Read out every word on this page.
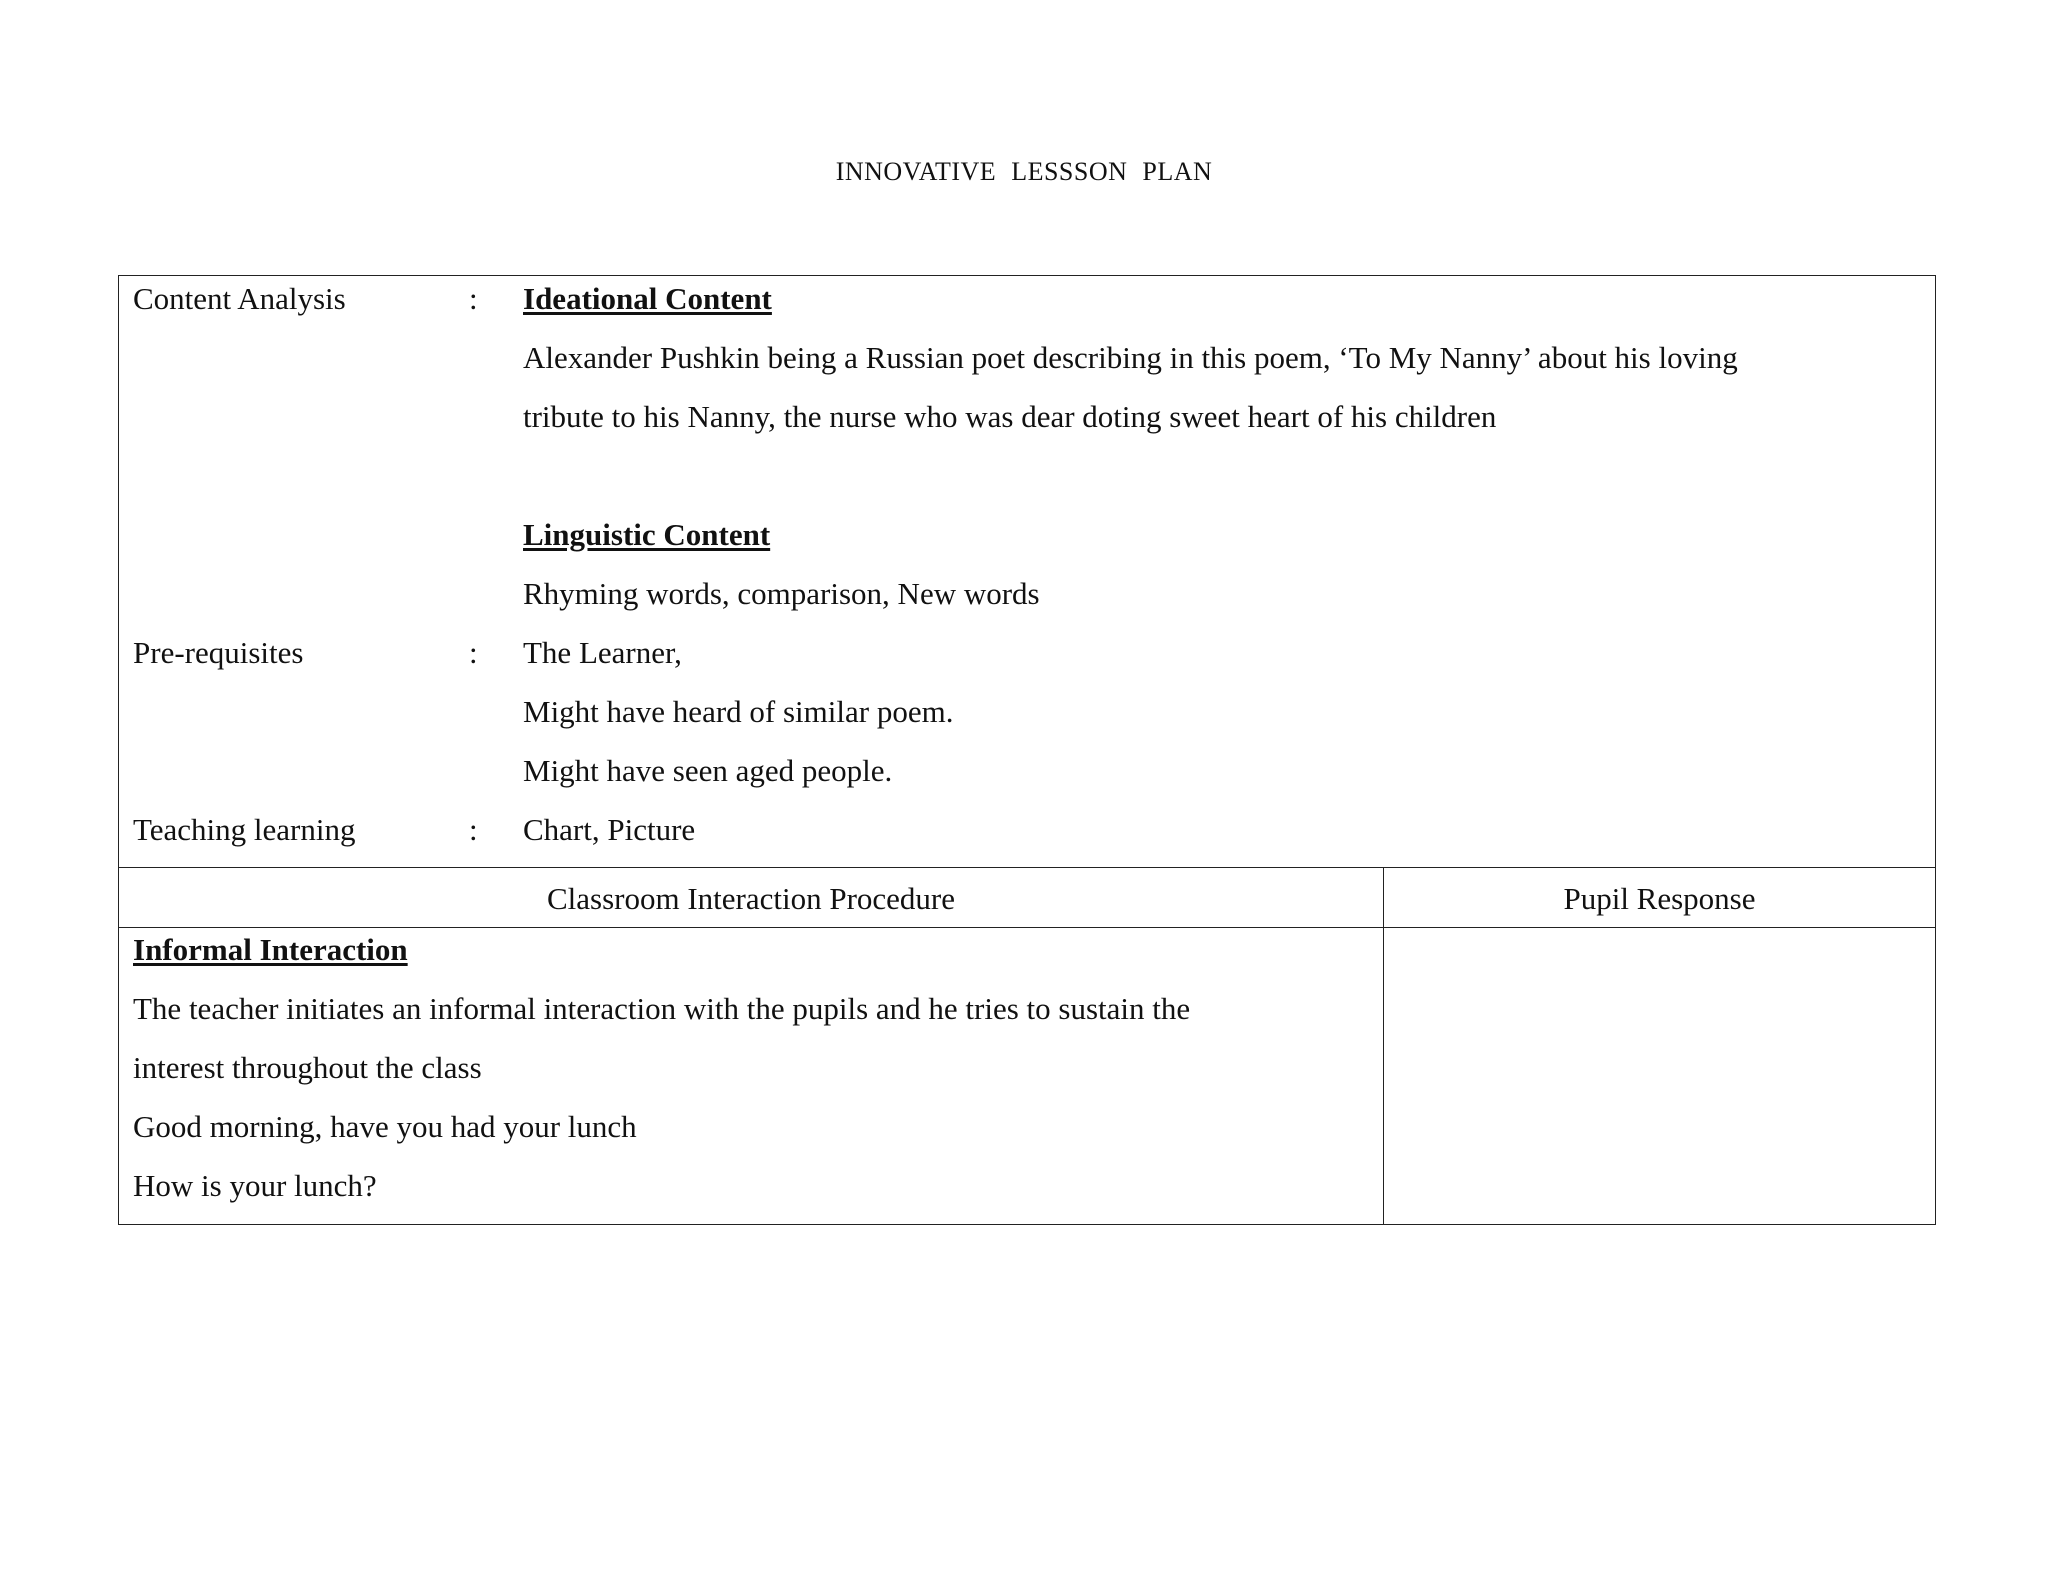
INNOVATIVE LESSSON PLAN
Content Analysis	: Ideational Content
Alexander Pushkin being a Russian poet describing in this poem, ‘To My Nanny’ about his loving
tribute to his Nanny, the nurse who was dear doting sweet heart of his children
Linguistic Content
Rhyming words, comparison, New words
Pre-requisites	: The Learner,
Might have heard of similar poem.
Might have seen aged people.
Teaching learning	: Chart, Picture
Classroom Interaction Procedure	Pupil Response
Informal Interaction
The teacher initiates an informal interaction with the pupils and he tries to sustain the
interest throughout the class
Good morning, have you had your lunch
How is your lunch?
